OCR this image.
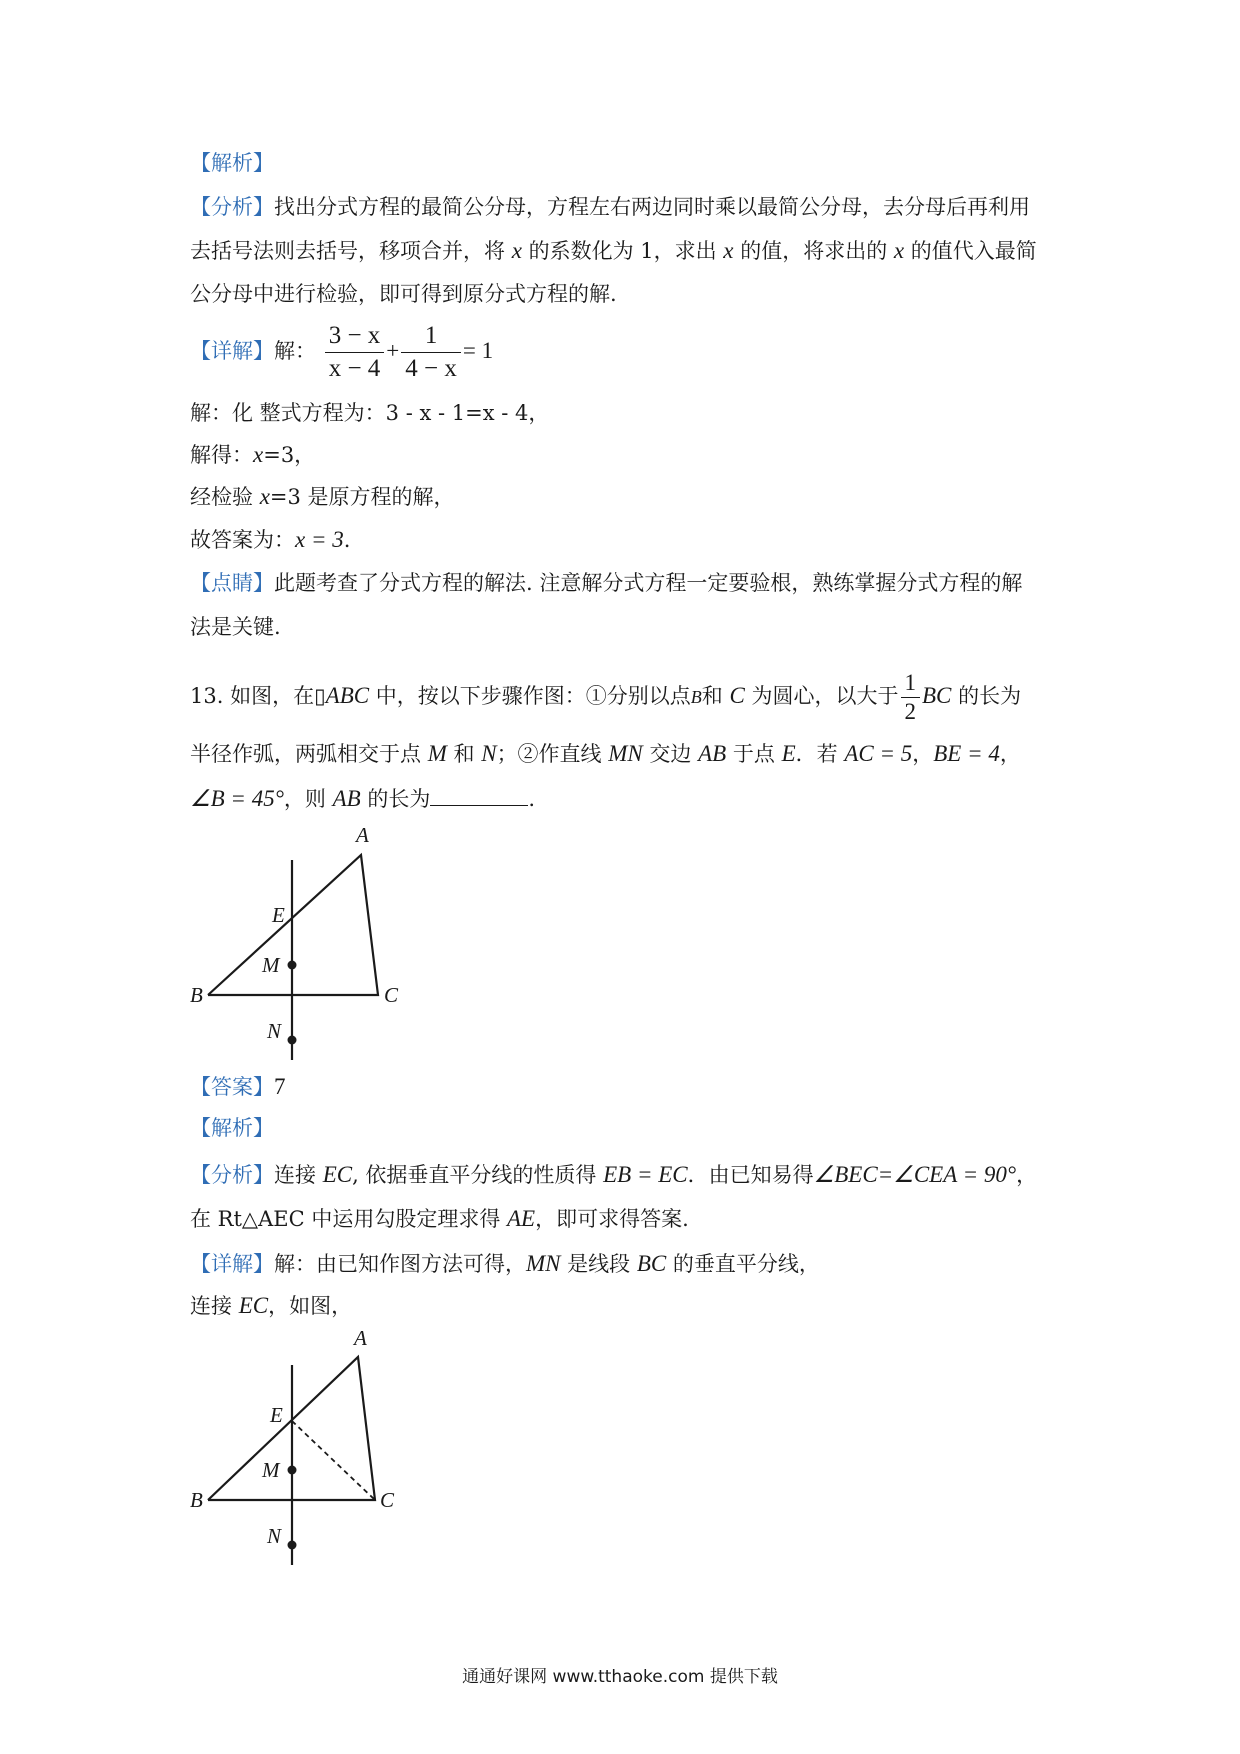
【解析】
【分析】找出分式方程的最简公分母，方程左右两边同时乘以最简公分母，去分母后再利用
去括号法则去括号，移项合并，将 x 的系数化为 1，求出 x 的值，将求出的 x 的值代入最简
公分母中进行检验，即可得到原分式方程的解.
【详解】解： $\frac{3 - x}{x - 4} + \frac{1}{4 - x} = 1$
解：化 整式方程为：3 - x - 1=x - 4，
解得：x=3，
经检验 x=3 是原方程的解，
故答案为：x = 3.
【点睛】此题考查了分式方程的解法. 注意解分式方程一定要验根，熟练掌握分式方程的解
法是关键.
13. 如图，在▯ABC 中，按以下步骤作图：①分别以点B和 C 为圆心，以大于 $\frac{1}{2}$ BC 的长为
半径作弧，两弧相交于点 M 和 N；②作直线 MN 交边 AB 于点 E．若 AC = 5，BE = 4，
∠B = 45°，则 AB 的长为	.
A
E
M
B	C
N
【答案】7
【解析】
【分析】连接 EC, 依据垂直平分线的性质得 EB = EC．由已知易得∠BEC=∠CEA = 90°，
在 Rt△AEC 中运用勾股定理求得 AE，即可求得答案.
【详解】解：由已知作图方法可得，MN 是线段 BC 的垂直平分线，
连接 EC，如图，
A
E
M
B	C
N
通通好课网 www.tthaoke.com 提供下载
